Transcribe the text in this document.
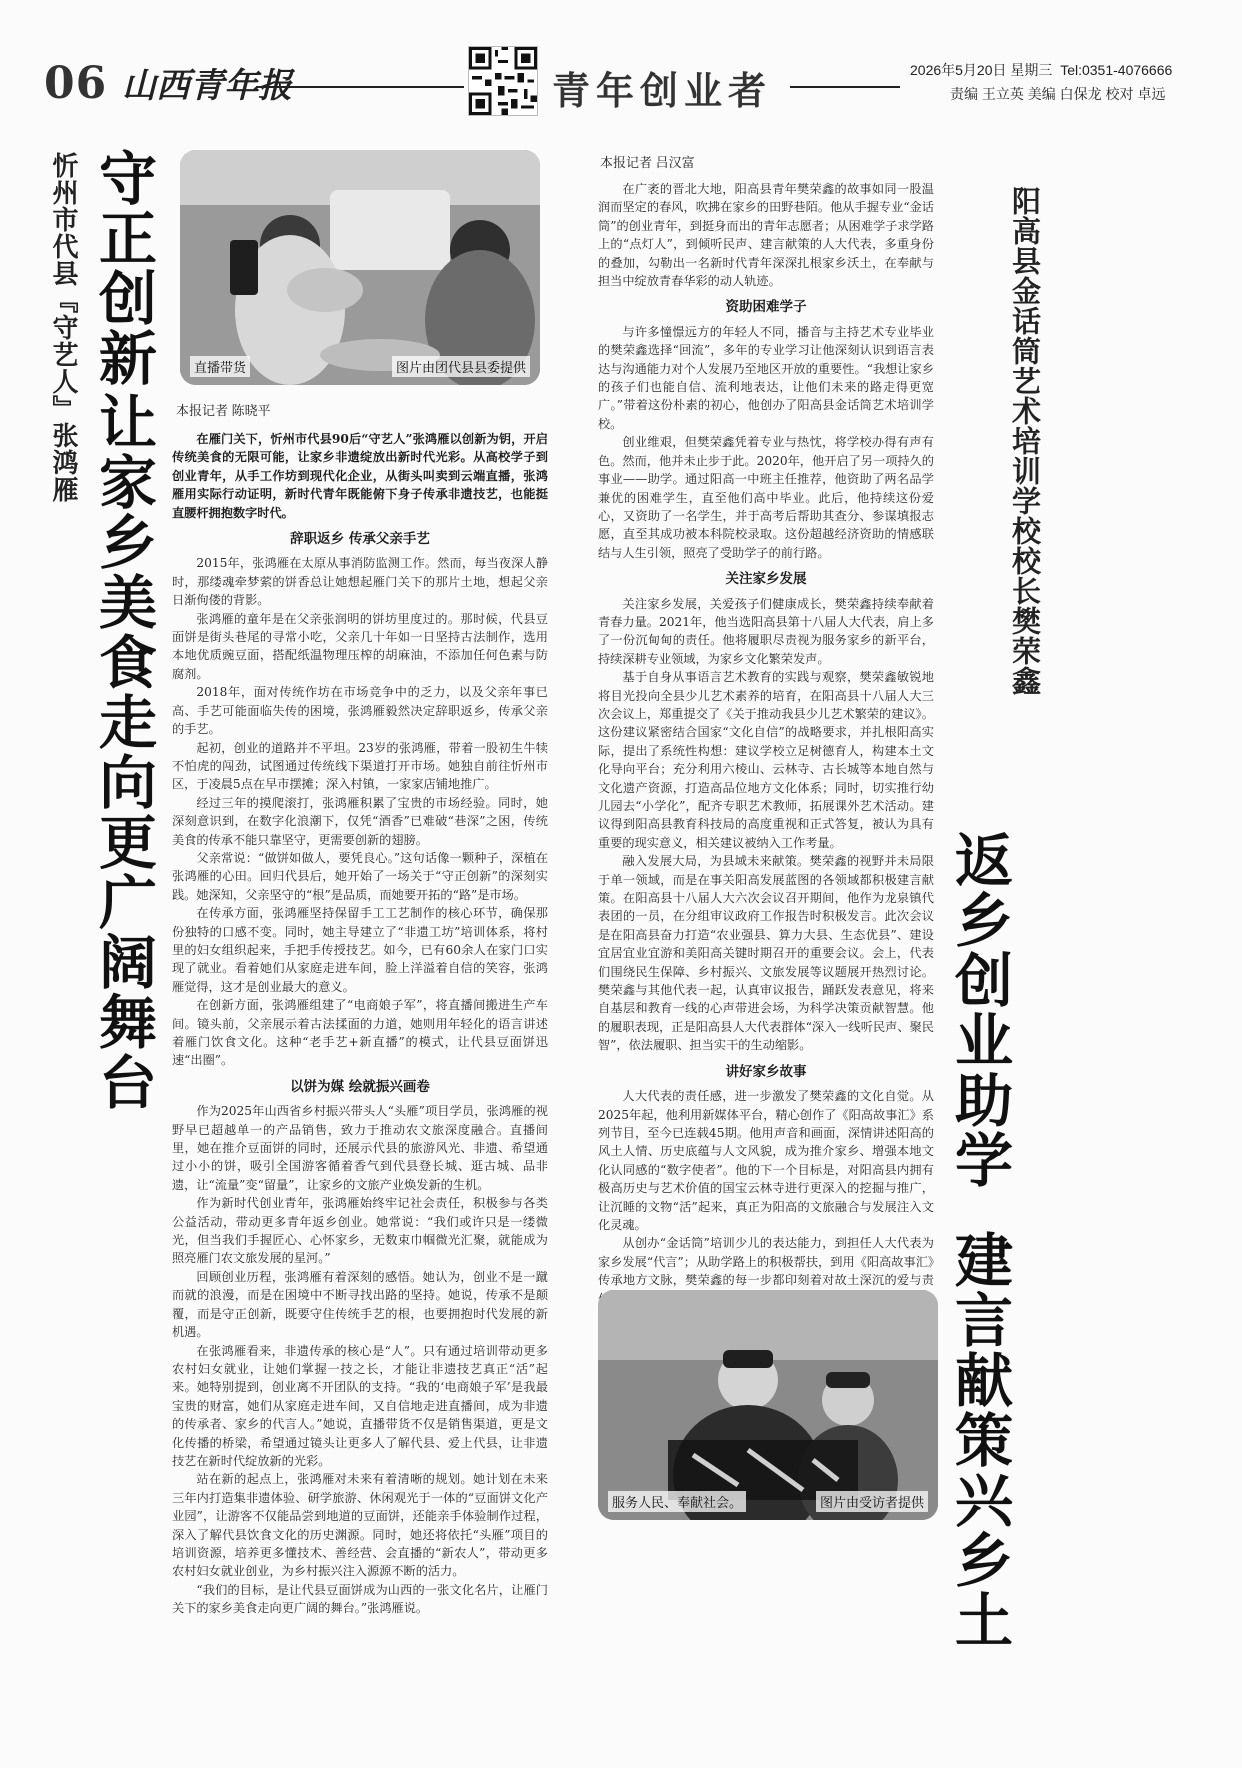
06 山西青年报	青年创业者	2026年5月20日 星期三 Tel:0351-4076666
责编 王立英 美编 白保龙 校对 卓远
忻州市代县『守艺人』张鸿雁 守正创新
让家乡美食走向更广阔舞台
直播带货	图片由团代县县委提供
本报记者 陈晓平

在雁门关下，忻州市代县90后“守艺人”张鸿雁以创新为钥，开启传统美食的无限可能，让家乡非遗绽放出新时代光彩。从高校学子到创业青年，从手工作坊到现代化企业，从街头叫卖到云端直播，张鸿雁用实际行动证明，新时代青年既能俯下身子传承非遗技艺，也能挺直腰杆拥抱数字时代。

辞职返乡 传承父亲手艺

2015年，张鸿雁在太原从事消防监测工作。然而，每当夜深人静时，那缕魂牵梦萦的饼香总让她想起雁门关下的那片土地，想起父亲日渐佝偻的背影。

张鸿雁的童年是在父亲张润明的饼坊里度过的。那时候，代县豆面饼是街头巷尾的寻常小吃，父亲几十年如一日坚持古法制作，选用本地优质豌豆面，搭配纸温物理压榨的胡麻油，不添加任何色素与防腐剂。

2018年，面对传统作坊在市场竞争中的乏力，以及父亲年事已高、手艺可能面临失传的困境，张鸿雁毅然决定辞职返乡，传承父亲的手艺。

起初，创业的道路并不平坦。23岁的张鸿雁，带着一股初生牛犊不怕虎的闯劲，试图通过传统线下渠道打开市场。她独自前往忻州市区，于凌晨5点在早市摆摊；深入村镇，一家家店铺地推广。

经过三年的摸爬滚打，张鸿雁积累了宝贵的市场经验。同时，她深刻意识到，在数字化浪潮下，仅凭“酒香”已难破“巷深”之困，传统美食的传承不能只靠坚守，更需要创新的翅膀。

父亲常说：“做饼如做人，要凭良心。”这句话像一颗种子，深植在张鸿雁的心田。回归代县后，她开始了一场关于“守正创新”的深刻实践。她深知，父亲坚守的“根”是品质，而她要开拓的“路”是市场。

在传承方面，张鸿雁坚持保留手工工艺制作的核心环节，确保那份独特的口感不变。同时，她主导建立了“非遗工坊”培训体系，将村里的妇女组织起来，手把手传授技艺。如今，已有60余人在家门口实现了就业。看着她们从家庭走进车间，脸上洋溢着自信的笑容，张鸿雁觉得，这才是创业最大的意义。

在创新方面，张鸿雁组建了“电商娘子军”，将直播间搬进生产车间。镜头前，父亲展示着古法揉面的力道，她则用年轻化的语言讲述着雁门饮食文化。这种“老手艺+新直播”的模式，让代县豆面饼迅速“出圈”。

以饼为媒 绘就振兴画卷

作为2025年山西省乡村振兴带头人“头雁”项目学员，张鸿雁的视野早已超越单一的产品销售，致力于推动农文旅深度融合。直播间里，她在推介豆面饼的同时，还展示代县的旅游风光、非遗、希望通过小小的饼，吸引全国游客循着香气到代县登长城、逛古城、品非遗，让“流量”变“留量”，让家乡的文旅产业焕发新的生机。

作为新时代创业青年，张鸿雁始终牢记社会责任，积极参与各类公益活动，带动更多青年返乡创业。她常说：“我们或许只是一缕微光，但当我们手握匠心、心怀家乡，无数束巾帼微光汇聚，就能成为照亮雁门农文旅发展的星河。”

回顾创业历程，张鸿雁有着深刻的感悟。她认为，创业不是一蹴而就的浪漫，而是在困境中不断寻找出路的坚持。她说，传承不是颠覆，而是守正创新，既要守住传统手艺的根，也要拥抱时代发展的新机遇。

在张鸿雁看来，非遗传承的核心是“人”。只有通过培训带动更多农村妇女就业，让她们掌握一技之长，才能让非遗技艺真正“活”起来。她特别提到，创业离不开团队的支持。“我的‘电商娘子军’是我最宝贵的财富，她们从家庭走进车间，又自信地走进直播间，成为非遗的传承者、家乡的代言人。”她说，直播带货不仅是销售渠道，更是文化传播的桥梁，希望通过镜头让更多人了解代县、爱上代县，让非遗技艺在新时代绽放新的光彩。

站在新的起点上，张鸿雁对未来有着清晰的规划。她计划在未来三年内打造集非遗体验、研学旅游、休闲观光于一体的“豆面饼文化产业园”，让游客不仅能品尝到地道的豆面饼，还能亲手体验制作过程，深入了解代县饮食文化的历史渊源。同时，她还将依托“头雁”项目的培训资源，培养更多懂技术、善经营、会直播的“新农人”，带动更多农村妇女就业创业，为乡村振兴注入源源不断的活力。

“我们的目标，是让代县豆面饼成为山西的一张文化名片，让雁门关下的家乡美食走向更广阔的舞台。”张鸿雁说。

本报记者 吕汉富

在广袤的晋北大地，阳高县青年樊荣鑫的故事如同一股温润而坚定的春风，吹拂在家乡的田野巷陌。他从手握专业“金话筒”的创业青年，到挺身而出的青年志愿者；从困难学子求学路上的“点灯人”，到倾听民声、建言献策的人大代表，多重身份的叠加，勾勒出一名新时代青年深深扎根家乡沃土，在奉献与担当中绽放青春华彩的动人轨迹。

资助困难学子

与许多憧憬远方的年轻人不同，播音与主持艺术专业毕业的樊荣鑫选择“回流”，多年的专业学习让他深刻认识到语言表达与沟通能力对个人发展乃至地区开放的重要性。“我想让家乡的孩子们也能自信、流利地表达，让他们未来的路走得更宽广。”带着这份朴素的初心，他创办了阳高县金话筒艺术培训学校。

创业维艰，但樊荣鑫凭着专业与热忱，将学校办得有声有色。然而，他并未止步于此。2020年，他开启了另一项持久的事业——助学。通过阳高一中班主任推荐，他资助了两名品学兼优的困难学生，直至他们高中毕业。此后，他持续这份爱心，又资助了一名学生，并于高考后帮助其查分、参谋填报志愿，直至其成功被本科院校录取。这份超越经济资助的情感联结与人生引领，照亮了受助学子的前行路。

关注家乡发展

关注家乡发展，关爱孩子们健康成长，樊荣鑫持续奉献着青春力量。2021年，他当选阳高县第十八届人大代表，肩上多了一份沉甸甸的责任。他将履职尽责视为服务家乡的新平台，持续深耕专业领域，为家乡文化繁荣发声。

基于自身从事语言艺术教育的实践与观察，樊荣鑫敏锐地将目光投向全县少儿艺术素养的培育，在阳高县十八届人大三次会议上，郑重提交了《关于推动我县少儿艺术繁荣的建议》。这份建议紧密结合国家“文化自信”的战略要求，并扎根阳高实际，提出了系统性构想：建议学校立足树德育人，构建本土文化导向平台；充分利用六棱山、云林寺、古长城等本地自然与文化遗产资源，打造高品位地方文化体系；同时，切实推行幼儿园去“小学化”，配齐专职艺术教师，拓展课外艺术活动。建议得到阳高县教育科技局的高度重视和正式答复，被认为具有重要的现实意义，相关建议被纳入工作考量。

融入发展大局，为县域未来献策。樊荣鑫的视野并未局限于单一领域，而是在事关阳高发展蓝图的各领域都积极建言献策。在阳高县十八届人大六次会议召开期间，他作为龙泉镇代表团的一员，在分组审议政府工作报告时积极发言。此次会议是在阳高县奋力打造“农业强县、算力大县、生态优县”、建设宜居宜业宜游和美阳高关键时期召开的重要会议。会上，代表们围绕民生保障、乡村振兴、文旅发展等议题展开热烈讨论。樊荣鑫与其他代表一起，认真审议报告，踊跃发表意见，将来自基层和教育一线的心声带进会场，为科学决策贡献智慧。他的履职表现，正是阳高县人大代表群体“深入一线听民声、聚民智”，依法履职、担当实干的生动缩影。

讲好家乡故事

人大代表的责任感，进一步激发了樊荣鑫的文化自觉。从2025年起，他利用新媒体平台，精心创作了《阳高故事汇》系列节目，至今已连载45期。他用声音和画面，深情讲述阳高的风土人情、历史底蕴与人文风貌，成为推介家乡、增强本地文化认同感的“数字使者”。他的下一个目标是，对阳高县内拥有极高历史与艺术价值的国宝云林寺进行更深入的挖掘与推广，让沉睡的文物“活”起来，真正为阳高的文旅融合与发展注入文化灵魂。

从创办“金话筒”培训少儿的表达能力，到担任人大代表为家乡发展“代言”；从助学路上的积极帮扶，到用《阳高故事汇》传承地方文脉，樊荣鑫的每一步都印刻着对故土深沉的爱与责

阳高县金话筒艺术培训学校校长樊荣鑫
返乡创业助学
建言献策兴乡土
服务人民、奉献社会。	图片由受访者提供
